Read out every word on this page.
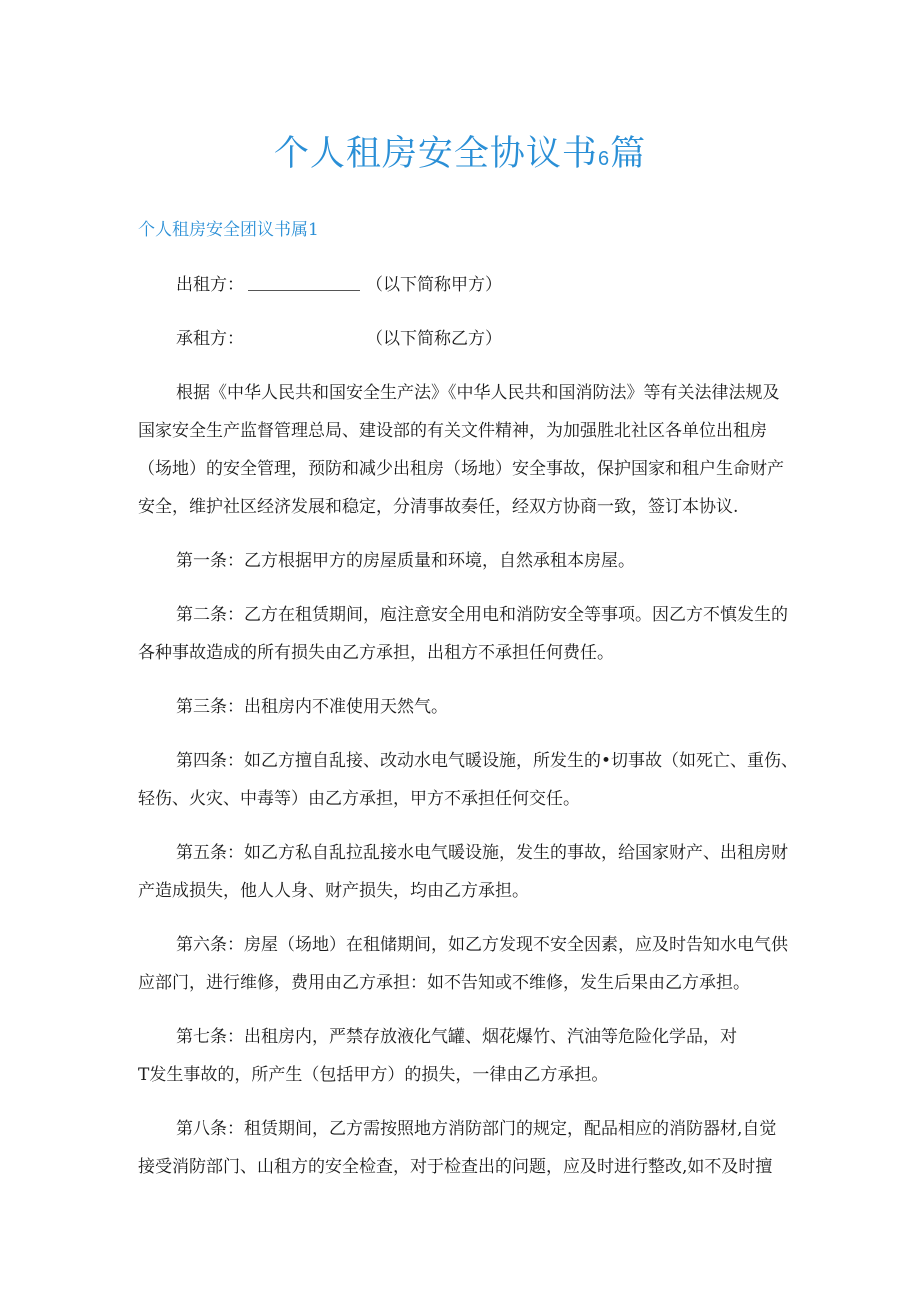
个人租房安全协议书6篇
个人租房安全团议书属1

出租方：	（以下简称甲方）

承租方：	（以下简称乙方）

根据《中华人民共和国安全生产法》《中华人民共和国消防法》等有关法律法规及

国家安全生产监督管理总局、建设部的有关文件精神，为加强胜北社区各单位出租房

（场地）的安全管理，预防和减少出租房（场地）安全事故，保护国家和租户生命财产

安全，维护社区经济发展和稳定，分清事故奏任，经双方协商一致，签订本协议.

第一条：乙方根据甲方的房屋质量和环境，自然承租本房屋。

第二条：乙方在租赁期间，庖注意安全用电和消防安全等事项。因乙方不慎发生的

各种事故造成的所有损失由乙方承担，出租方不承担任何费任。

第三条：出租房内不准使用天然气。

第四条：如乙方擅自乱接、改动水电气暖设施，所发生的•切事故（如死亡、重伤、

轻伤、火灾、中毒等）由乙方承担，甲方不承担任何交任。

第五条：如乙方私自乱拉乱接水电气暖设施，发生的事故，给国家财产、出租房财

产造成损失，他人人身、财产损失，均由乙方承担。

第六条：房屋（场地）在租储期间，如乙方发现不安全因素，应及时告知水电气供

应部门，进行维修，费用由乙方承担：如不告知或不维修，发生后果由乙方承担。

第七条：出租房内，严禁存放液化气罐、烟花爆竹、汽油等危险化学品，对

T发生事故的，所产生（包括甲方）的损失，一律由乙方承担。

第八条：租赁期间，乙方需按照地方消防部门的规定，配品相应的消防器材,自觉

接受消防部门、山租方的安全检查，对于检查出的问题，应及时进行整改,如不及时擅
